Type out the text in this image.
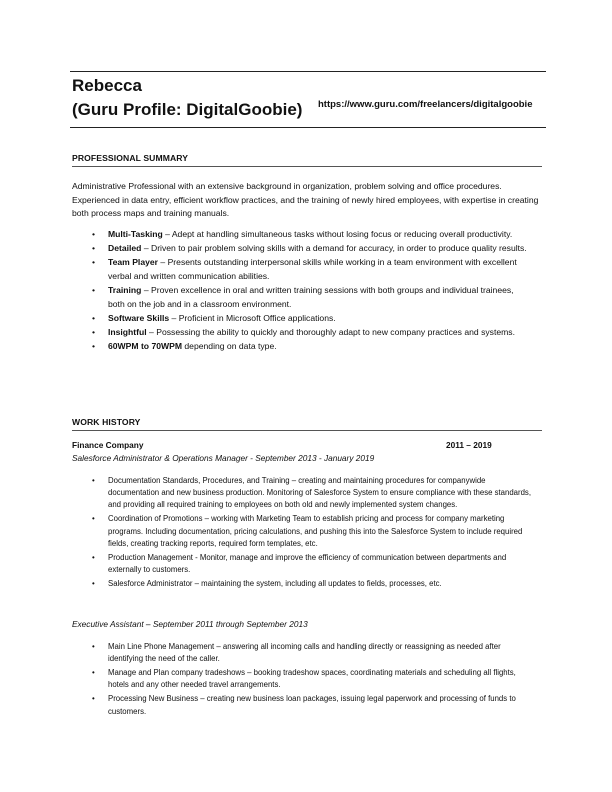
Rebecca
(Guru Profile: DigitalGoobie) https://www.guru.com/freelancers/digitalgoobie
PROFESSIONAL SUMMARY

Administrative Professional with an extensive background in organization, problem solving and office procedures. Experienced in data entry, efficient workflow practices, and the training of newly hired employees, with expertise in creating both process maps and training manuals.

• Multi-Tasking – Adept at handling simultaneous tasks without losing focus or reducing overall productivity.
• Detailed – Driven to pair problem solving skills with a demand for accuracy, in order to produce quality results.
• Team Player – Presents outstanding interpersonal skills while working in a team environment with excellent verbal and written communication abilities.
• Training – Proven excellence in oral and written training sessions with both groups and individual trainees, both on the job and in a classroom environment.
• Software Skills – Proficient in Microsoft Office applications.
• Insightful – Possessing the ability to quickly and thoroughly adapt to new company practices and systems.
• 60WPM to 70WPM depending on data type.
WORK HISTORY
Finance Company	2011 – 2019
Salesforce Administrator & Operations Manager - September 2013 - January 2019
• Documentation Standards, Procedures, and Training – creating and maintaining procedures for companywide documentation and new business production. Monitoring of Salesforce System to ensure compliance with these standards, and providing all required training to employees on both old and newly implemented system changes.
• Coordination of Promotions – working with Marketing Team to establish pricing and process for company marketing programs. Including documentation, pricing calculations, and pushing this into the Salesforce System to include required fields, creating tracking reports, required form templates, etc.
• Production Management - Monitor, manage and improve the efficiency of communication between departments and externally to customers.
• Salesforce Administrator – maintaining the system, including all updates to fields, processes, etc.
Executive Assistant – September 2011 through September 2013
• Main Line Phone Management – answering all incoming calls and handling directly or reassigning as needed after identifying the need of the caller.
• Manage and Plan company tradeshows – booking tradeshow spaces, coordinating materials and scheduling all flights, hotels and any other needed travel arrangements.
• Processing New Business – creating new business loan packages, issuing legal paperwork and processing of funds to customers.
